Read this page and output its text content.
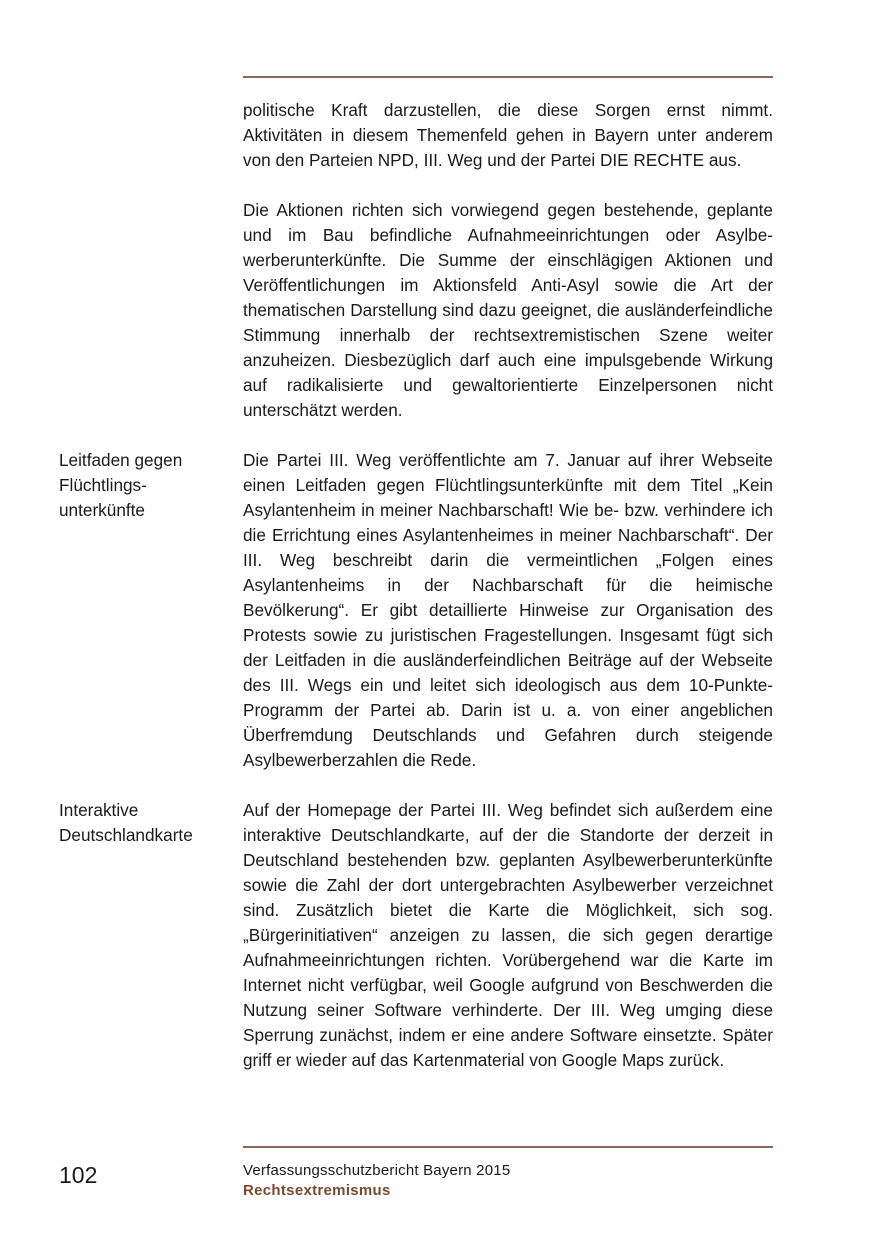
politische Kraft darzustellen, die diese Sorgen ernst nimmt. Aktivitäten in diesem Themenfeld gehen in Bayern unter anderem von den Parteien NPD, III. Weg und der Partei DIE RECHTE aus.

Die Aktionen richten sich vorwiegend gegen bestehende, geplante und im Bau befindliche Aufnahmeeinrichtungen oder Asylbewerberunterkünfte. Die Summe der einschlägigen Aktionen und Veröffentlichungen im Aktionsfeld Anti-Asyl sowie die Art der thematischen Darstellung sind dazu geeignet, die ausländerfeindliche Stimmung innerhalb der rechtsextremistischen Szene weiter anzuheizen. Diesbezüglich darf auch eine impulsgebende Wirkung auf radikalisierte und gewaltorientierte Einzelpersonen nicht unterschätzt werden.

Leitfaden gegen
Flüchtlings-
unterkünfte

Die Partei III. Weg veröffentlichte am 7. Januar auf ihrer Webseite einen Leitfaden gegen Flüchtlingsunterkünfte mit dem Titel „Kein Asylantenheim in meiner Nachbarschaft! Wie be- bzw. verhindere ich die Errichtung eines Asylantenheimes in meiner Nachbarschaft“. Der III. Weg beschreibt darin die vermeintlichen „Folgen eines Asylantenheims in der Nachbarschaft für die heimische Bevölkerung“. Er gibt detaillierte Hinweise zur Organisation des Protests sowie zu juristischen Fragestellungen. Insgesamt fügt sich der Leitfaden in die ausländerfeindlichen Beiträge auf der Webseite des III. Wegs ein und leitet sich ideologisch aus dem 10-Punkte-Programm der Partei ab. Darin ist u. a. von einer angeblichen Überfremdung Deutschlands und Gefahren durch steigende Asylbewerberzahlen die Rede.

Interaktive
Deutschlandkarte

Auf der Homepage der Partei III. Weg befindet sich außerdem eine interaktive Deutschlandkarte, auf der die Standorte der derzeit in Deutschland bestehenden bzw. geplanten Asylbewerberunterkünfte sowie die Zahl der dort untergebrachten Asylbewerber verzeichnet sind. Zusätzlich bietet die Karte die Möglichkeit, sich sog. „Bürgerinitiativen“ anzeigen zu lassen, die sich gegen derartige Aufnahmeeinrichtungen richten. Vorübergehend war die Karte im Internet nicht verfügbar, weil Google aufgrund von Beschwerden die Nutzung seiner Software verhinderte. Der III. Weg umging diese Sperrung zunächst, indem er eine andere Software einsetzte. Später griff er wieder auf das Kartenmaterial von Google Maps zurück.

102	Verfassungsschutzbericht Bayern 2015
Rechtsextremismus
